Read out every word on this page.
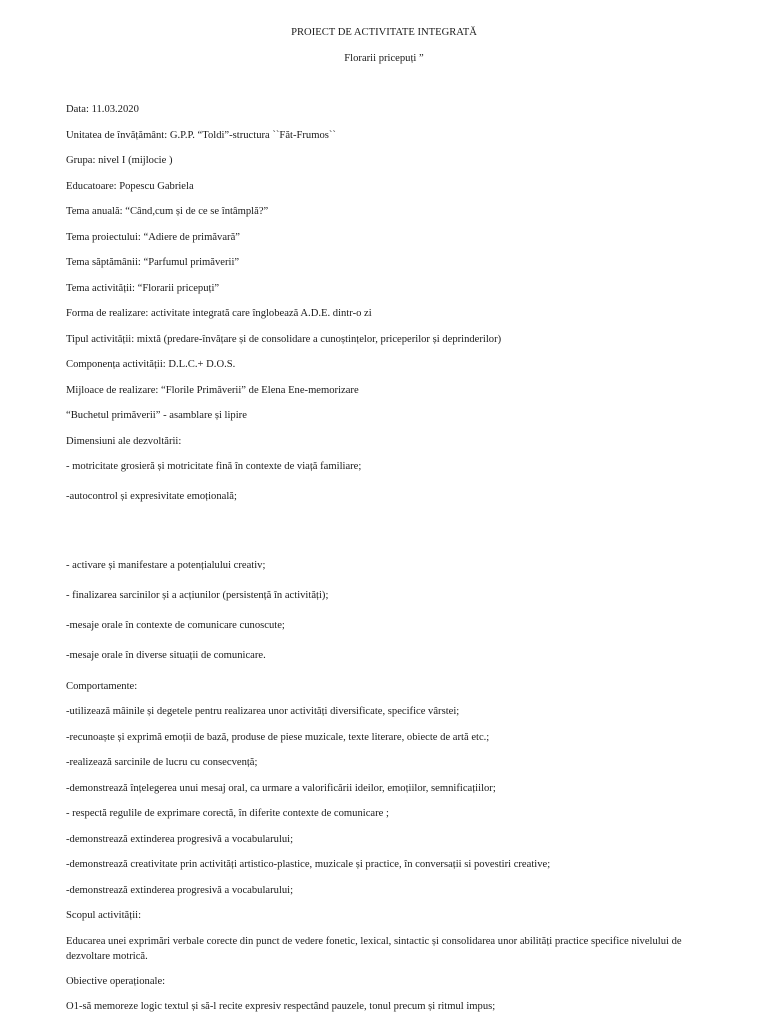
PROIECT DE ACTIVITATE INTEGRATĂ
Florarii pricepuți ”
Data: 11.03.2020
Unitatea de învățământ: G.P.P. “Toldi”-structura ``Făt-Frumos``
Grupa: nivel I (mijlocie )
Educatoare: Popescu Gabriela
Tema anuală: “Când,cum și de ce se întâmplă?”
Tema proiectului: “Adiere de primăvară”
Tema săptămânii: “Parfumul primăverii”
Tema activității: “Florarii pricepuți”
Forma de realizare: activitate integrată care înglobează A.D.E. dintr-o zi
Tipul activității: mixtă (predare-învățare și de consolidare a cunoștințelor, priceperilor și deprinderilor)
Componența activității: D.L.C.+ D.O.S.
Mijloace de realizare: “Florile Primăverii” de Elena Ene-memorizare
“Buchetul primăverii” - asamblare și lipire
Dimensiuni ale dezvoltării:
- motricitate grosieră și motricitate fină în contexte de viață familiare;
-autocontrol și expresivitate emoțională;
- activare și manifestare a potențialului creativ;
- finalizarea sarcinilor și a acțiunilor (persistență în activități);
-mesaje orale în contexte de comunicare cunoscute;
-mesaje orale în diverse situații de comunicare.
Comportamente:
-utilizează mâinile și degetele pentru realizarea unor activități diversificate, specifice vârstei;
-recunoaște și exprimă emoții de bază, produse de piese muzicale, texte literare, obiecte de artă etc.;
-realizează sarcinile de lucru cu consecvență;
-demonstrează înțelegerea unui mesaj oral, ca urmare a valorificării ideilor, emoțiilor, semnificațiilor;
- respectă regulile de exprimare corectă, în diferite contexte de comunicare ;
-demonstrează extinderea progresivă a vocabularului;
-demonstrează creativitate prin activități artistico-plastice, muzicale și practice, în conversații si povestiri creative;
-demonstrează extinderea progresivă a vocabularului;
Scopul activității:
Educarea unei exprimări verbale corecte din punct de vedere fonetic, lexical, sintactic și consolidarea unor abilități practice specifice nivelului de dezvoltare motrică.
Obiective operaționale:
O1-să memoreze logic textul și să-l recite expresiv respectând pauzele, tonul precum și ritmul impus;
